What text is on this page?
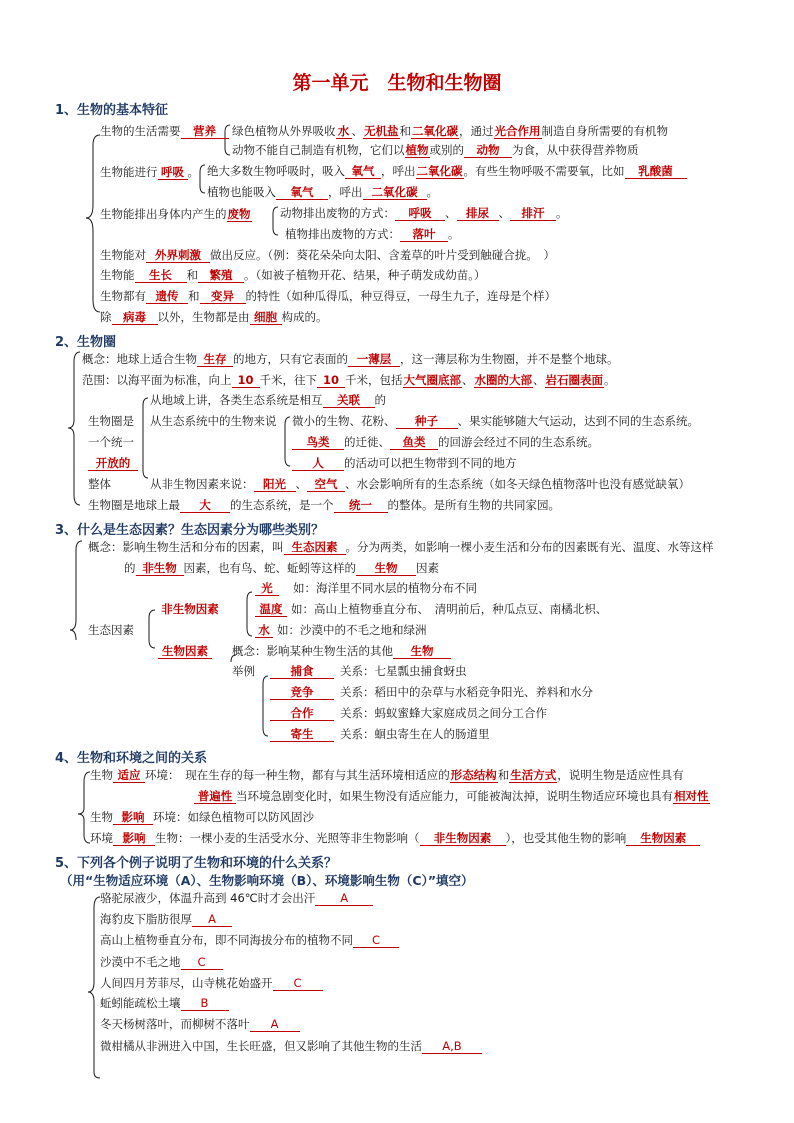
第一单元　生物和生物圈
1、生物的基本特征
生物的生活需要 营养	绿色植物从外界吸收 水 、无机盐和二氧化碳，通过光合作用制造自身所需要的有机物
动物不能自己制造有机物，它们以植物或别的 动物 为食，从中获得营养物质
生物能进行 呼吸 。 绝大多数生物呼吸时，吸入 氧气 ，呼出二氧化碳。有些生物呼吸不需要氧，比如 乳酸菌
植物也能吸入 氧气 ，呼出 二氧化碳 。
生物能排出身体内产生的废物	动物排出废物的方式： 呼吸 、 排尿 、 排汗 。
植物排出废物的方式： 落叶 。
生物能对 外界刺激 做出反应。（例：葵花朵朵向太阳、含羞草的叶片受到触碰合拢。　）
生物能 生长 和 繁殖 。（如被子植物开花、结果，种子萌发成幼苗。）
生物都有 遗传 和 变异 的特性（如种瓜得瓜，种豆得豆，一母生九子，连母是个样）
除 病毒 以外，生物都是由 细胞 构成的。
2、生物圈
概念：地球上适合生物 生存 的地方，只有它表面的 一薄层 ，这一薄层称为生物圈，并不是整个地球。
范围：以海平面为标准，向上 10 千米，往下 10 千米，包括大气圈底部、水圈的大部、岩石圈表面。
生物圈是
一个统一
开放的
整体
从地域上讲，各类生态系统是相互 关联 的
从生态系统中的生物来说 微小的生物、花粉、 种子 、果实能够随大气运动，达到不同的生态系统。
鸟类 的迁徙、 鱼类 的回游会经过不同的生态系统。
人 的活动可以把生物带到不同的地方
从非生物因素来说： 阳光 、 空气 、水会影响所有的生态系统（如冬天绿色植物落叶也没有感觉缺氧）
生物圈是地球上最 大 的生态系统，是一个 统一 的整体。是所有生物的共同家园。
3、什么是生态因素？生态因素分为哪些类别？
概念：影响生物生活和分布的因素，叫 生态因素 。分为两类，如影响一棵小麦生活和分布的因素既有光、温度、水等这样
的 非生物 因素，也有鸟、蛇、蚯蚓等这样的 生物 因素
生态因素
非生物因素
光 如：海洋里不同水层的植物分布不同
温度 如：高山上植物垂直分布、　清明前后，种瓜点豆、南橘北枳、
水 如：沙漠中的不毛之地和绿洲
生物因素	概念：影响某种生物生活的其他 生物
举例	捕食 关系：七星瓢虫捕食蚜虫
竞争 关系：稻田中的杂草与水稻竞争阳光、养料和水分
合作 关系：蚂蚁蜜蜂大家庭成员之间分工合作
寄生 关系：蛔虫寄生在人的肠道里
4、生物和环境之间的关系
生物 适应 环境：　现在生存的每一种生物，都有与其生活环境相适应的形态结构和生活方式，说明生物是适应性具有
普遍性 当环境急剧变化时，如果生物没有适应能力，可能被淘汰掉，说明生物适应环境也具有相对性
生物 影响 环境：如绿色植物可以防风固沙
环境 影响 生物：一棵小麦的生活受水分、光照等非生物影响（ 非生物因素 ），也受其他生物的影响 生物因素
5、下列各个例子说明了生物和环境的什么关系？
（用“生物适应环境（A）、生物影响环境（B）、环境影响生物（C）”填空）
骆驼尿液少，体温升高到 46℃时才会出汗 A
海豹皮下脂肪很厚 A
高山上植物垂直分布，即不同海拔分布的植物不同 C
沙漠中不毛之地 C
人间四月芳菲尽，山寺桃花始盛开 C
蚯蚓能疏松土壤 B
冬天杨树落叶，而柳树不落叶 A
微柑橘从非洲进入中国，生长旺盛，但又影响了其他生物的生活 A,B
